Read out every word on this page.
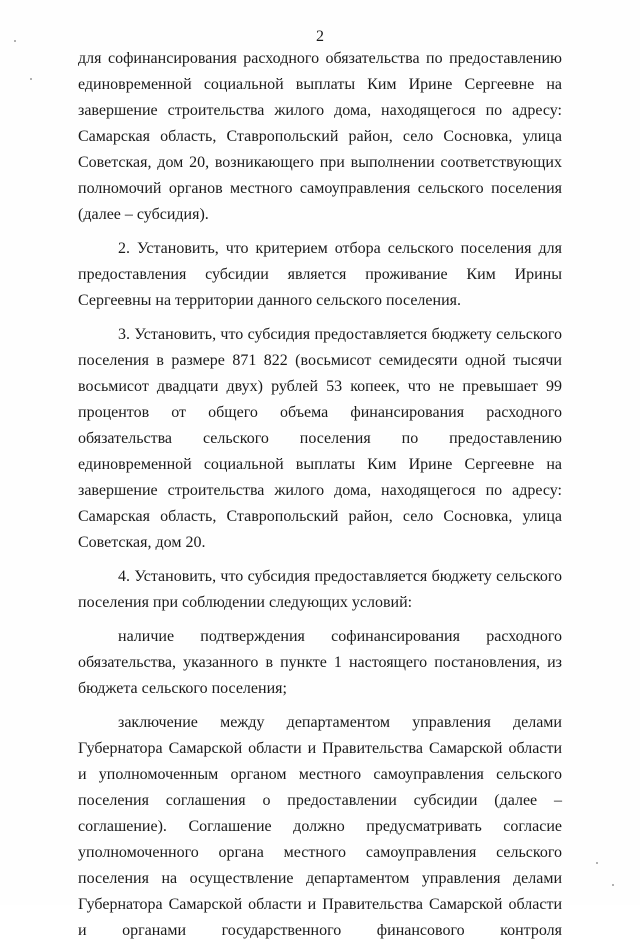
2

для софинансирования расходного обязательства по предоставлению единовременной социальной выплаты Ким Ирине Сергеевне на завершение строительства жилого дома, находящегося по адресу: Самарская область, Ставропольский район, село Сосновка, улица Советская, дом 20, возникающего при выполнении соответствующих полномочий органов местного самоуправления сельского поселения (далее – субсидия).

2. Установить, что критерием отбора сельского поселения для предоставления субсидии является проживание Ким Ирины Сергеевны на территории данного сельского поселения.

3. Установить, что субсидия предоставляется бюджету сельского поселения в размере 871 822 (восьмисот семидесяти одной тысячи восьмисот двадцати двух) рублей 53 копеек, что не превышает 99 процентов от общего объема финансирования расходного обязательства сельского поселения по предоставлению единовременной социальной выплаты Ким Ирине Сергеевне на завершение строительства жилого дома, находящегося по адресу: Самарская область, Ставропольский район, село Сосновка, улица Советская, дом 20.

4. Установить, что субсидия предоставляется бюджету сельского поселения при соблюдении следующих условий:

наличие подтверждения софинансирования расходного обязательства, указанного в пункте 1 настоящего постановления, из бюджета сельского поселения;

заключение между департаментом управления делами Губернатора Самарской области и Правительства Самарской области и уполномоченным органом местного самоуправления сельского поселения соглашения о предоставлении субсидии (далее – соглашение). Соглашение должно предусматривать согласие уполномоченного органа местного самоуправления сельского поселения на осуществление департаментом управления делами Губернатора Самарской области и Правительства Самарской области и органами государственного финансового контроля
